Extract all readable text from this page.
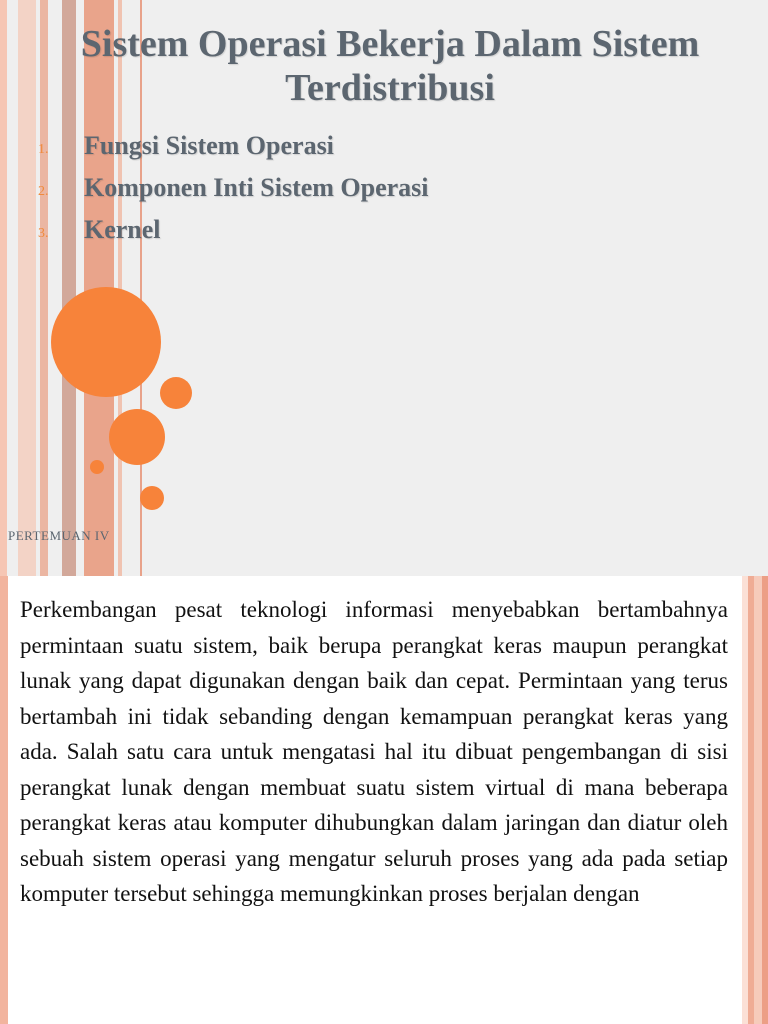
Sistem Operasi Bekerja Dalam Sistem Terdistribusi
1.	Fungsi Sistem Operasi
2.	Komponen Inti Sistem Operasi
3.	Kernel
PERTEMUAN IV

Perkembangan pesat teknologi informasi menyebabkan bertambahnya permintaan suatu sistem, baik berupa perangkat keras maupun perangkat lunak yang dapat digunakan dengan baik dan cepat. Permintaan yang terus bertambah ini tidak sebanding dengan kemampuan perangkat keras yang ada. Salah satu cara untuk mengatasi hal itu dibuat pengembangan di sisi perangkat lunak dengan membuat suatu sistem virtual di mana beberapa perangkat keras atau komputer dihubungkan dalam jaringan dan diatur oleh sebuah sistem operasi yang mengatur seluruh proses yang ada pada setiap komputer tersebut sehingga memungkinkan proses berjalan dengan
